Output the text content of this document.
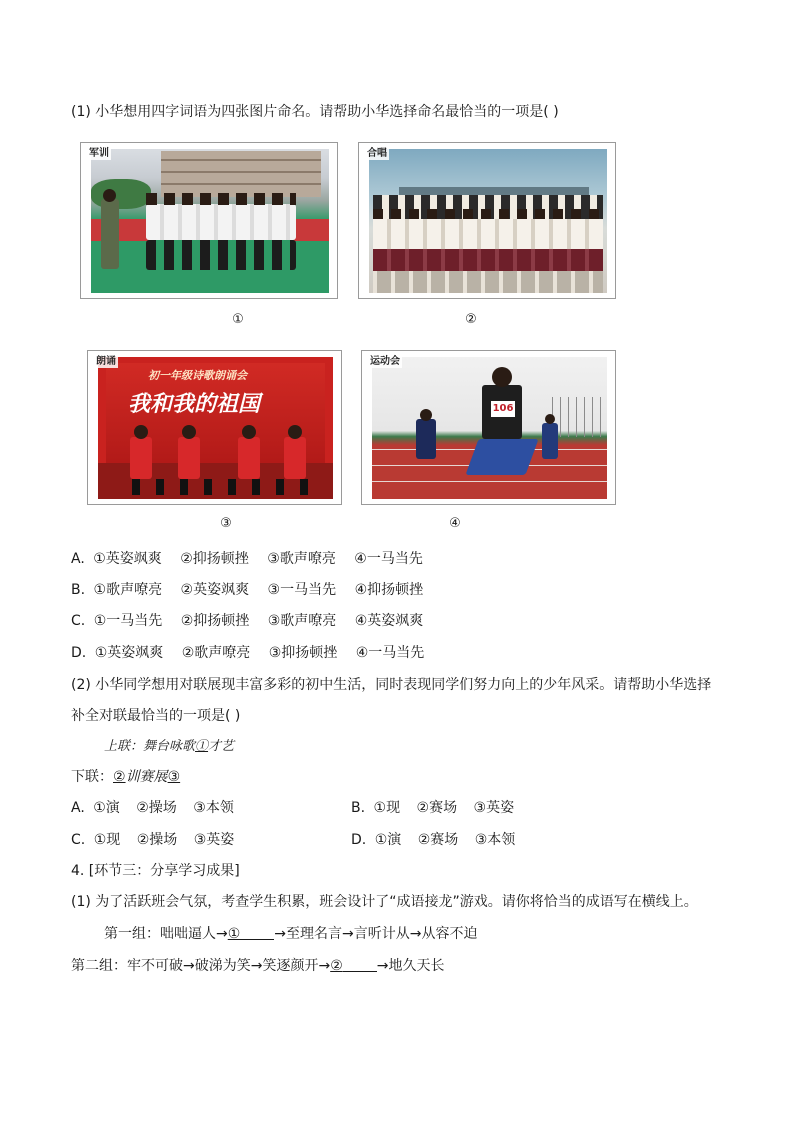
(1) 小华想用四字词语为四张图片命名。请帮助小华选择命名最恰当的一项是( )
军训
①
合唱
②
初一年级诗歌朗诵会
我和我的祖国
朗诵
③
106
运动会
④
A. ①英姿飒爽 ②抑扬顿挫 ③歌声嘹亮 ④一马当先
B. ①歌声嘹亮 ②英姿飒爽 ③一马当先 ④抑扬顿挫
C. ①一马当先 ②抑扬顿挫 ③歌声嘹亮 ④英姿飒爽
D. ①英姿飒爽 ②歌声嘹亮 ③抑扬顿挫 ④一马当先
(2) 小华同学想用对联展现丰富多彩的初中生活，同时表现同学们努力向上的少年风采。请帮助小华选择
补全对联最恰当的一项是( )
上联：舞台咏歌①才艺
下联：②训赛展③
A. ①演 ②操场 ③本领	B. ①现 ②赛场 ③英姿
C. ①现 ②操场 ③英姿	D. ①演 ②赛场 ③本领
4. [环节三：分享学习成果]
(1) 为了活跃班会气氛，考查学生积累，班会设计了“成语接龙”游戏。请你将恰当的成语写在横线上。
第一组：咄咄逼人→① →至理名言→言听计从→从容不迫
第二组：牢不可破→破涕为笑→笑逐颜开→② →地久天长
